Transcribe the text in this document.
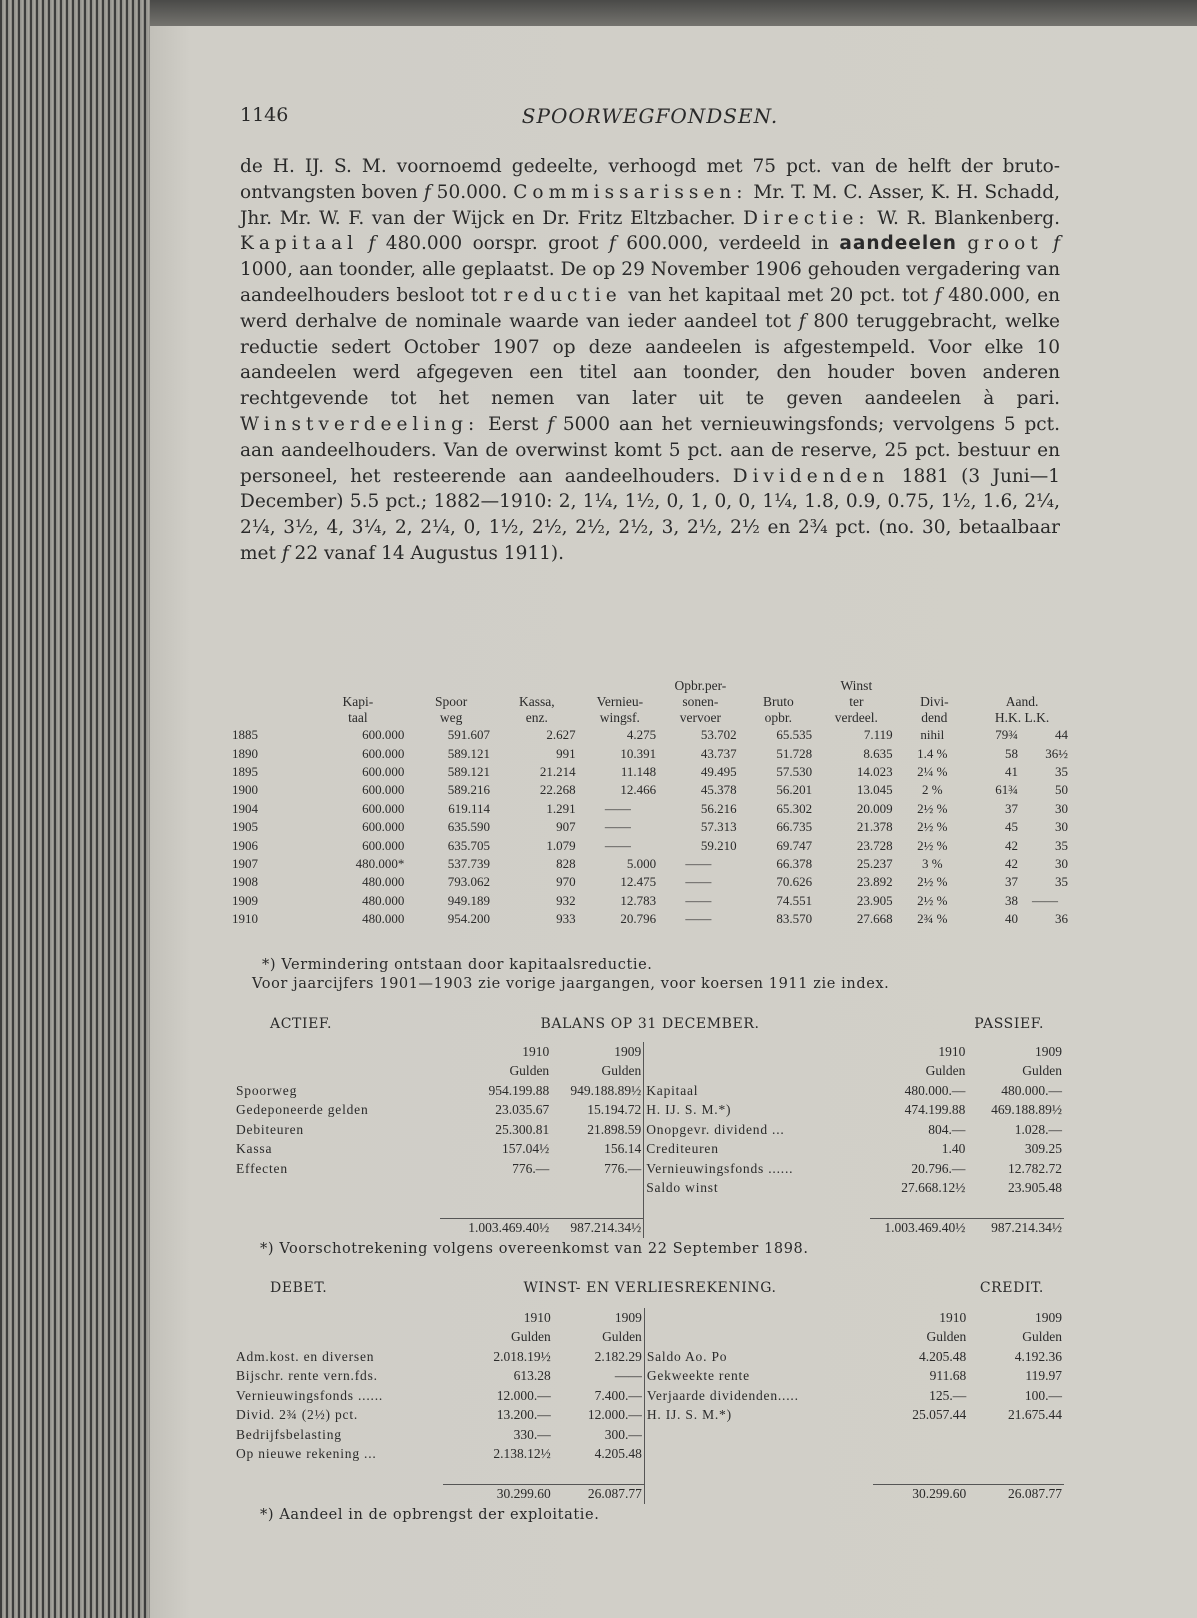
1146	SPOORWEGFONDSEN.
de H. IJ. S. M. voornoemd gedeelte, verhoogd met 75 pct. van de helft der bruto-ontvangsten boven f 50.000. Commissarissen: Mr. T. M. C. Asser, K. H. Schadd, Jhr. Mr. W. F. van der Wijck en Dr. Fritz Eltzbacher. Directie: W. R. Blankenberg. Kapitaal f 480.000 oorspr. groot f 600.000, verdeeld in aandeelen groot f 1000, aan toonder, alle geplaatst. De op 29 November 1906 gehouden vergadering van aandeelhouders besloot tot reductie van het kapitaal met 20 pct. tot f 480.000, en werd derhalve de nominale waarde van ieder aandeel tot f 800 teruggebracht, welke reductie sedert October 1907 op deze aandeelen is afgestempeld. Voor elke 10 aandeelen werd afgegeven een titel aan toonder, den houder boven anderen rechtgevende tot het nemen van later uit te geven aandeelen à pari. Winstverdeeling: Eerst f 5000 aan het vernieuwingsfonds; vervolgens 5 pct. aan aandeelhouders. Van de overwinst komt 5 pct. aan de reserve, 25 pct. bestuur en personeel, het resteerende aan aandeelhouders. Dividenden 1881 (3 Juni—1 December) 5.5 pct.; 1882—1910: 2, 1¼, 1½, 0, 1, 0, 0, 1¼, 1.8, 0.9, 0.75, 1½, 1.6, 2¼, 2¼, 3½, 4, 3¼, 2, 2¼, 0, 1½, 2½, 2½, 2½, 3, 2½, 2½ en 2¾ pct. (no. 30, betaalbaar met f 22 vanaf 14 Augustus 1911).
					Opbr.per-		Winst			
	Kapi-	Spoor	Kassa,	Vernieu-	sonen-	Bruto	ter	Divi-	Aand.	
	taal	weg	enz.	wingsf.	vervoer	opbr.	verdeel.	dend	H.K. L.K.	
1885	600.000	591.607	2.627	4.275	53.702	65.535	7.119	nihil	79¾	44
1890	600.000	589.121	991	10.391	43.737	51.728	8.635	1.4 %	58	36½
1895	600.000	589.121	21.214	11.148	49.495	57.530	14.023	2¼ %	41	35
1900	600.000	589.216	22.268	12.466	45.378	56.201	13.045	2 %	61¾	50
1904	600.000	619.114	1.291	——	56.216	65.302	20.009	2½ %	37	30
1905	600.000	635.590	907	——	57.313	66.735	21.378	2½ %	45	30
1906	600.000	635.705	1.079	——	59.210	69.747	23.728	2½ %	42	35
1907	480.000*	537.739	828	5.000	——	66.378	25.237	3 %	42	30
1908	480.000	793.062	970	12.475	——	70.626	23.892	2½ %	37	35
1909	480.000	949.189	932	12.783	——	74.551	23.905	2½ %	38	——
1910	480.000	954.200	933	20.796	——	83.570	27.668	2¾ %	40	36
*) Vermindering ontstaan door kapitaalsreductie.
Voor jaarcijfers 1901—1903 zie vorige jaargangen, voor koersen 1911 zie index.
ACTIEF.	BALANS OP 31 DECEMBER.	PASSIEF.
	1910	1909		1910	1909
	Gulden	Gulden		Gulden	Gulden
Spoorweg	954.199.88	949.188.89½	Kapitaal	480.000.—	480.000.—
Gedeponeerde gelden	23.035.67	15.194.72	H. IJ. S. M.*)	474.199.88	469.188.89½
Debiteuren	25.300.81	21.898.59	Onopgevr. dividend ...	804.—	1.028.—
Kassa	157.04½	156.14	Crediteuren	1.40	309.25
Effecten	776.—	776.—	Vernieuwingsfonds ......	20.796.—	12.782.72
			Saldo winst	27.668.12½	23.905.48

	1.003.469.40½	987.214.34½		1.003.469.40½	987.214.34½
*) Voorschotrekening volgens overeenkomst van 22 September 1898.
DEBET.	WINST- EN VERLIESREKENING.	CREDIT.
	1910	1909		1910	1909
	Gulden	Gulden		Gulden	Gulden
Adm.kost. en diversen	2.018.19½	2.182.29	Saldo Ao. Po	4.205.48	4.192.36
Bijschr. rente vern.fds.	613.28	——	Gekweekte rente	911.68	119.97
Vernieuwingsfonds ......	12.000.—	7.400.—	Verjaarde dividenden.....	125.—	100.—
Divid. 2¾ (2½) pct.	13.200.—	12.000.—	H. IJ. S. M.*)	25.057.44	21.675.44
Bedrijfsbelasting	330.—	300.—			
Op nieuwe rekening ...	2.138.12½	4.205.48			

	30.299.60	26.087.77		30.299.60	26.087.77
*) Aandeel in de opbrengst der exploitatie.
